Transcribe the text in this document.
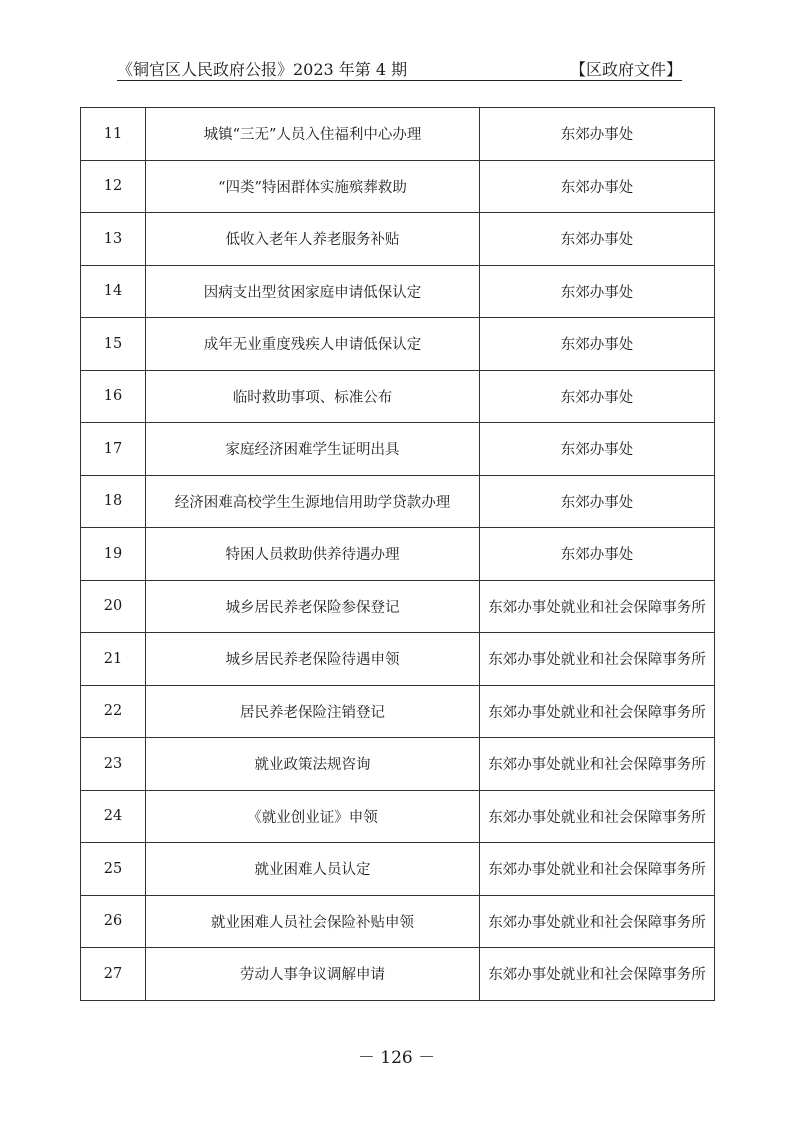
《铜官区人民政府公报》2023 年第 4 期	【区政府文件】
11	城镇“三无”人员入住福利中心办理	东郊办事处
12	“四类”特困群体实施殡葬救助	东郊办事处
13	低收入老年人养老服务补贴	东郊办事处
14	因病支出型贫困家庭申请低保认定	东郊办事处
15	成年无业重度残疾人申请低保认定	东郊办事处
16	临时救助事项、标准公布	东郊办事处
17	家庭经济困难学生证明出具	东郊办事处
18	经济困难高校学生生源地信用助学贷款办理	东郊办事处
19	特困人员救助供养待遇办理	东郊办事处
20	城乡居民养老保险参保登记	东郊办事处就业和社会保障事务所
21	城乡居民养老保险待遇申领	东郊办事处就业和社会保障事务所
22	居民养老保险注销登记	东郊办事处就业和社会保障事务所
23	就业政策法规咨询	东郊办事处就业和社会保障事务所
24	《就业创业证》申领	东郊办事处就业和社会保障事务所
25	就业困难人员认定	东郊办事处就业和社会保障事务所
26	就业困难人员社会保险补贴申领	东郊办事处就业和社会保障事务所
27	劳动人事争议调解申请	东郊办事处就业和社会保障事务所
－ 126 －
